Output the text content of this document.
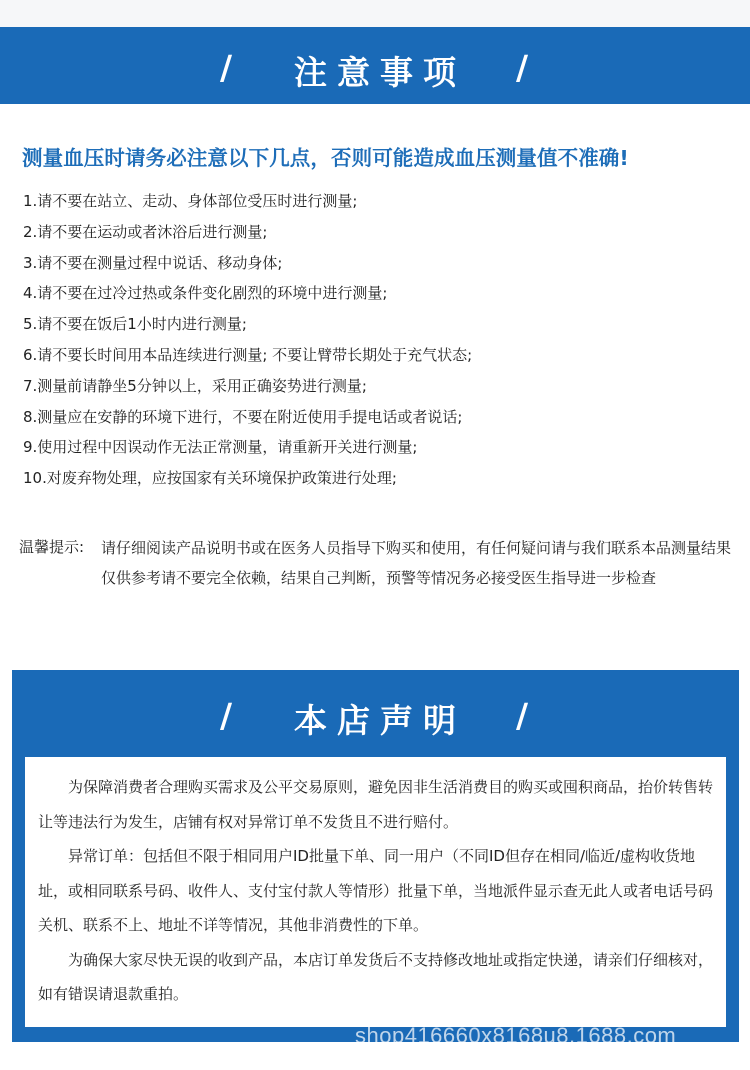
/ 注意事项 /
测量血压时请务必注意以下几点，否则可能造成血压测量值不准确!
1.请不要在站立、走动、身体部位受压时进行测量;
2.请不要在运动或者沐浴后进行测量;
3.请不要在测量过程中说话、移动身体;
4.请不要在过冷过热或条件变化剧烈的环境中进行测量;
5.请不要在饭后1小时内进行测量;
6.请不要长时间用本品连续进行测量; 不要让臂带长期处于充气状态;
7.测量前请静坐5分钟以上，采用正确姿势进行测量;
8.测量应在安静的环境下进行，不要在附近使用手提电话或者说话;
9.使用过程中因误动作无法正常测量，请重新开关进行测量;
10.对废弃物处理，应按国家有关环境保护政策进行处理;
温馨提示: 请仔细阅读产品说明书或在医务人员指导下购买和使用，有任何疑问请与我们联系本品测量结果仅供参考请不要完全依赖，结果自己判断，预警等情况务必接受医生指导进一步检查
/ 本店声明 /

为保障消费者合理购买需求及公平交易原则，避免因非生活消费目的购买或囤积商品，抬价转售转让等违法行为发生，店铺有权对异常订单不发货且不进行赔付。

异常订单：包括但不限于相同用户ID批量下单、同一用户（不同ID但存在相同/临近/虚构收货地址，或相同联系号码、收件人、支付宝付款人等情形）批量下单，当地派件显示查无此人或者电话号码关机、联系不上、地址不详等情况，其他非消费性的下单。

为确保大家尽快无误的收到产品，本店订单发货后不支持修改地址或指定快递，请亲们仔细核对，如有错误请退款重拍。

shop416660x8168u8.1688.com
